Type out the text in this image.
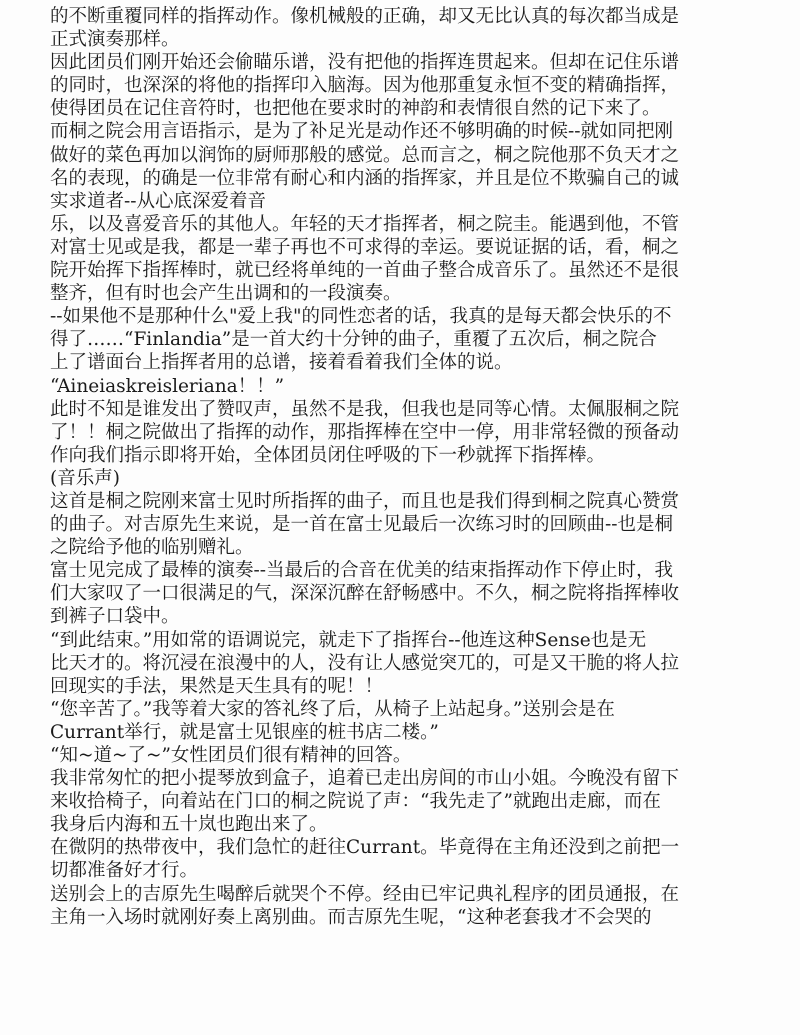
的不断重覆同样的指挥动作。像机械般的正确，却又无比认真的每次都当成是
正式演奏那样。
因此团员们刚开始还会偷瞄乐谱，没有把他的指挥连贯起来。但却在记住乐谱
的同时，也深深的将他的指挥印入脑海。因为他那重复永恒不变的精确指挥，
使得团员在记住音符时，也把他在要求时的神韵和表情很自然的记下来了。
而桐之院会用言语指示，是为了补足光是动作还不够明确的时候--就如同把刚
做好的菜色再加以润饰的厨师那般的感觉。总而言之，桐之院他那不负天才之
名的表现，的确是一位非常有耐心和内涵的指挥家，并且是位不欺骗自己的诚
实求道者--从心底深爱着音
乐，以及喜爱音乐的其他人。年轻的天才指挥者，桐之院圭。能遇到他，不管
对富士见或是我，都是一辈子再也不可求得的幸运。要说证据的话，看，桐之
院开始挥下指挥棒时，就已经将单纯的一首曲子整合成音乐了。虽然还不是很
整齐，但有时也会产生出调和的一段演奏。
--如果他不是那种什么"爱上我"的同性恋者的话，我真的是每天都会快乐的不
得了……“Finlandia”是一首大约十分钟的曲子，重覆了五次后，桐之院合
上了谱面台上指挥者用的总谱，接着看着我们全体的说。
“Aineiaskreisleriana！！”
此时不知是谁发出了赞叹声，虽然不是我，但我也是同等心情。太佩服桐之院
了！！桐之院做出了指挥的动作，那指挥棒在空中一停，用非常轻微的预备动
作向我们指示即将开始，全体团员闭住呼吸的下一秒就挥下指挥棒。
(音乐声)
这首是桐之院刚来富士见时所指挥的曲子，而且也是我们得到桐之院真心赞赏
的曲子。对吉原先生来说，是一首在富士见最后一次练习时的回顾曲--也是桐
之院给予他的临别赠礼。
富士见完成了最棒的演奏--当最后的合音在优美的结束指挥动作下停止时，我
们大家叹了一口很满足的气，深深沉醉在舒畅感中。不久，桐之院将指挥棒收
到裤子口袋中。
“到此结束。”用如常的语调说完，就走下了指挥台--他连这种Sense也是无
比天才的。将沉浸在浪漫中的人，没有让人感觉突兀的，可是又干脆的将人拉
回现实的手法，果然是天生具有的呢！！
“您辛苦了。”我等着大家的答礼终了后，从椅子上站起身。”送别会是在
Currant举行，就是富士见银座的桩书店二楼。”
“知~道~了~”女性团员们很有精神的回答。
我非常匆忙的把小提琴放到盒子，追着已走出房间的市山小姐。今晚没有留下
来收拾椅子，向着站在门口的桐之院说了声：“我先走了”就跑出走廊，而在
我身后内海和五十岚也跑出来了。
在微阴的热带夜中，我们急忙的赶往Currant。毕竟得在主角还没到之前把一
切都准备好才行。
送别会上的吉原先生喝醉后就哭个不停。经由已牢记典礼程序的团员通报，在
主角一入场时就刚好奏上离别曲。而吉原先生呢，“这种老套我才不会哭的
